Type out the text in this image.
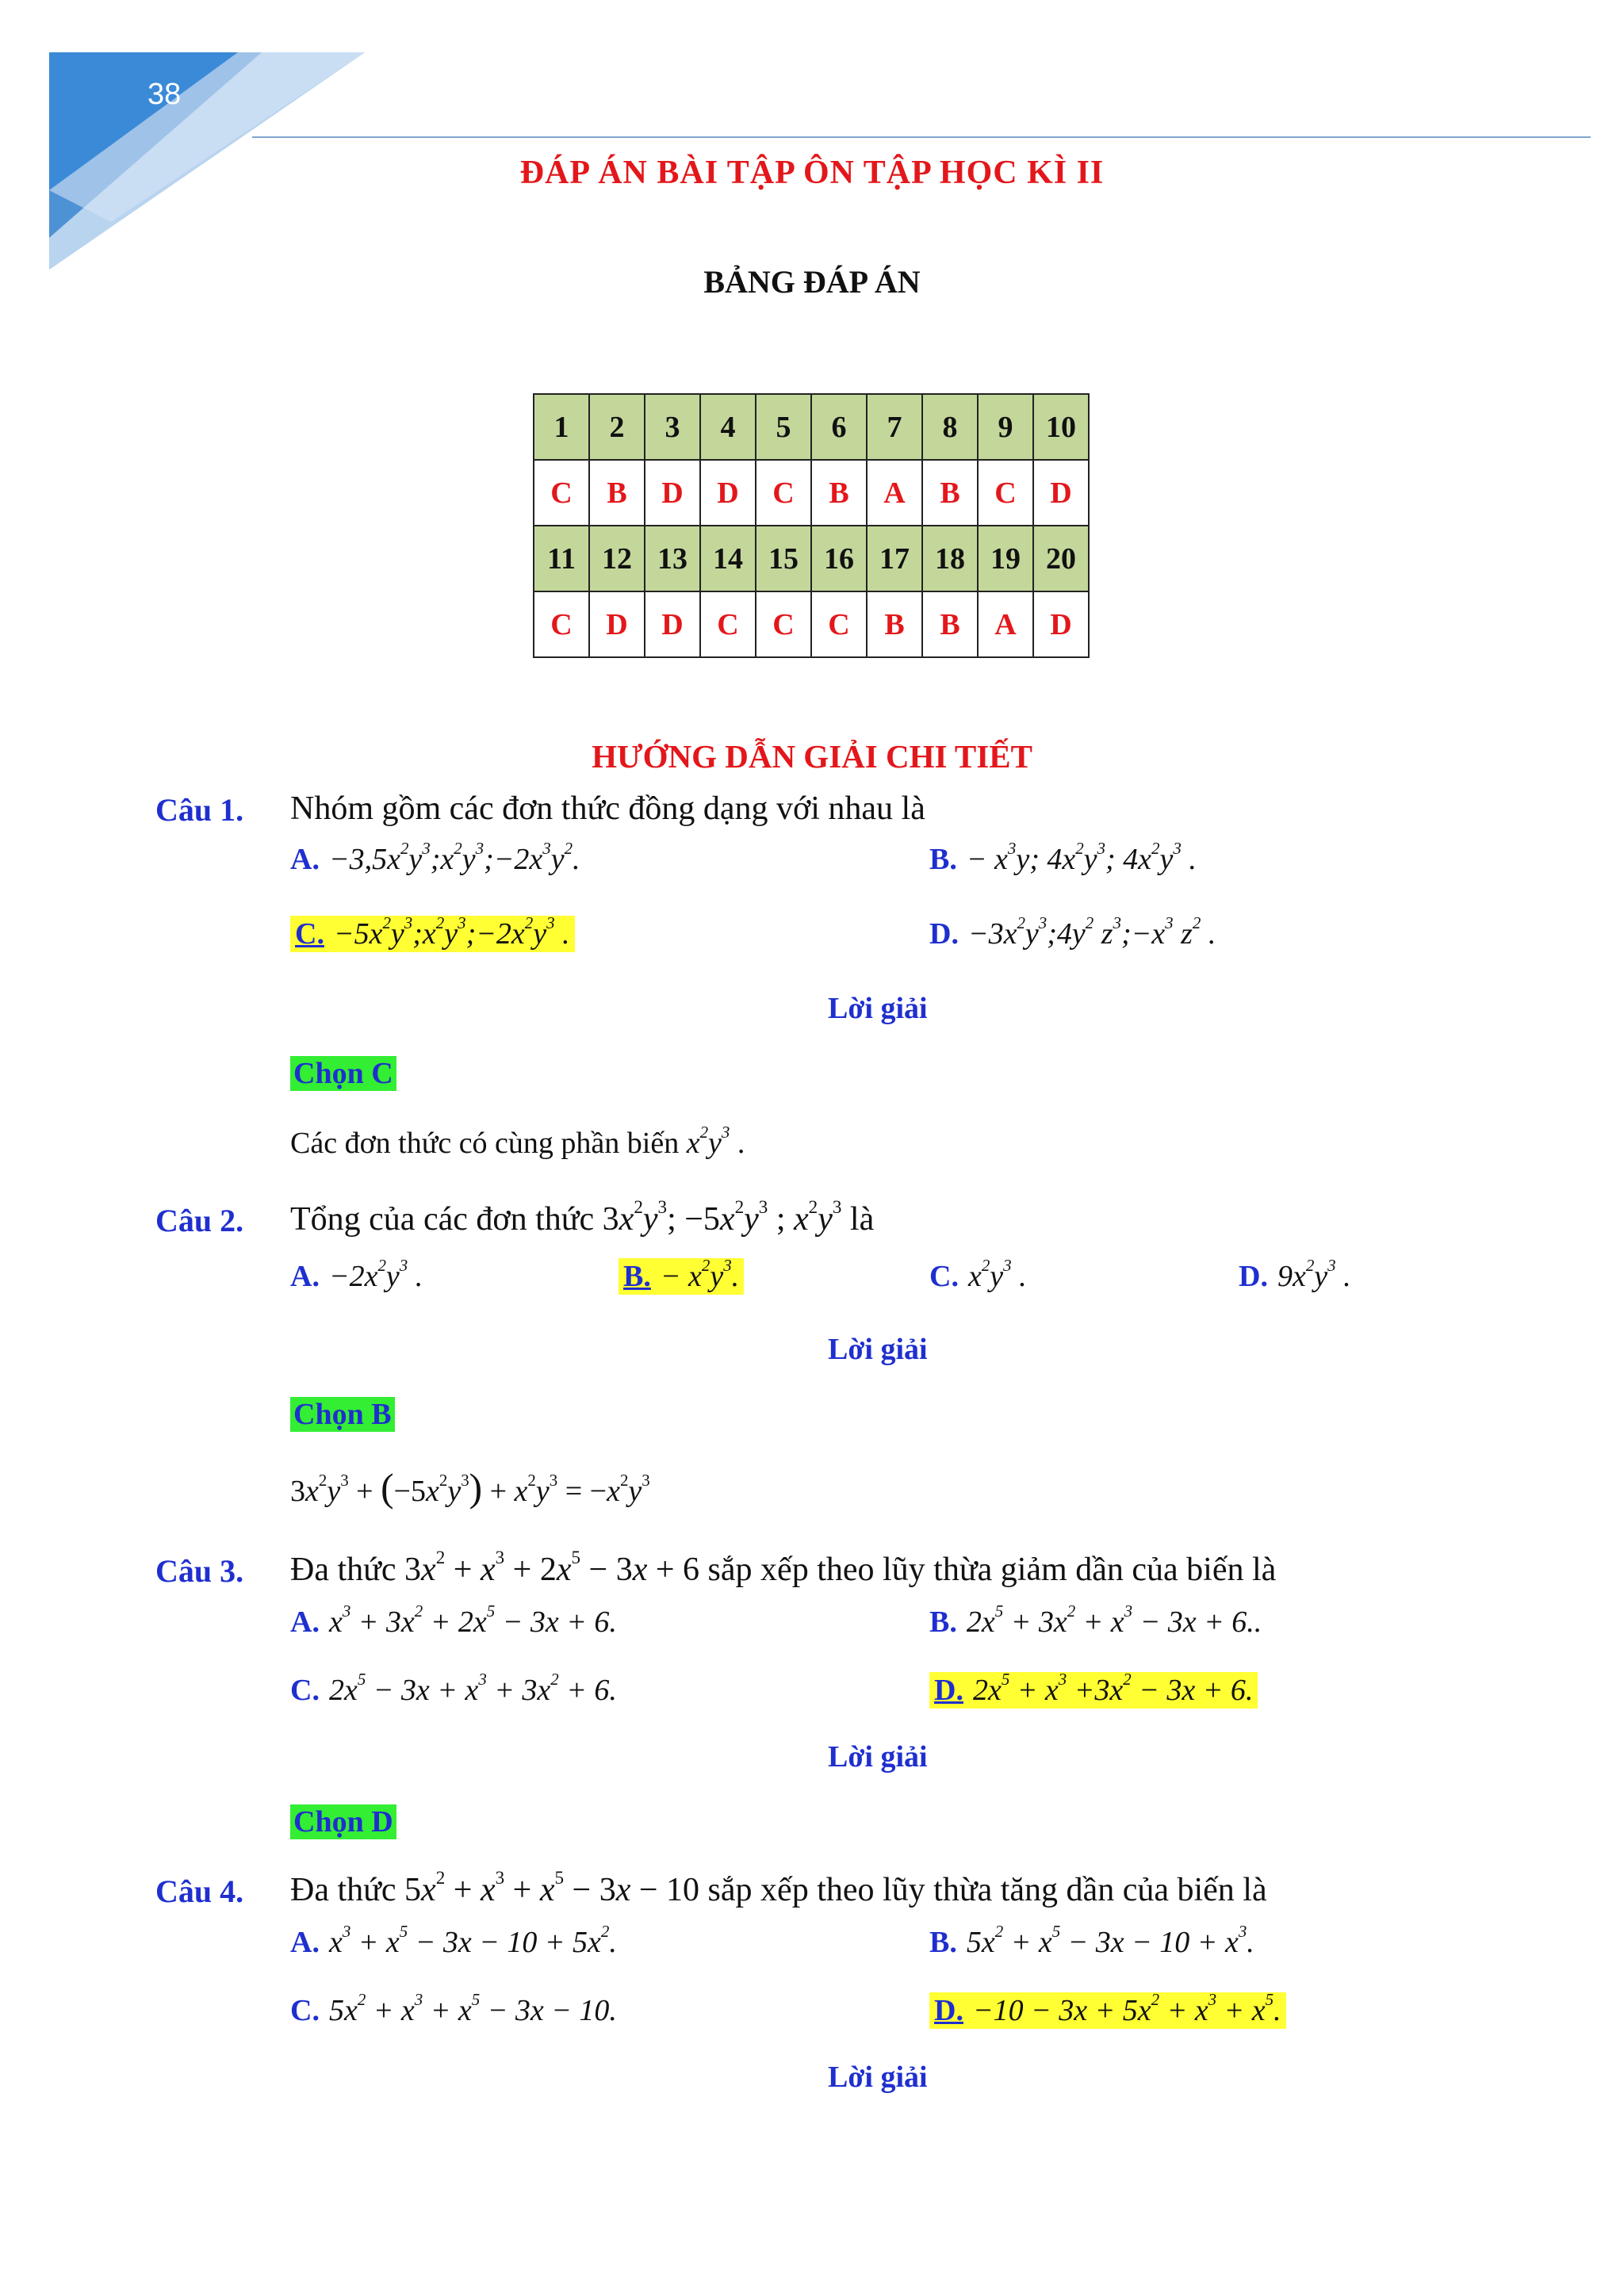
38
ĐÁP ÁN BÀI TẬP ÔN TẬP HỌC KÌ II
BẢNG ĐÁP ÁN
1	2	3	4	5	6	7	8	9	10
C	B	D	D	C	B	A	B	C	D
11	12	13	14	15	16	17	18	19	20
C	D	D	C	C	C	B	B	A	D
HƯỚNG DẪN GIẢI CHI TIẾT
Câu 1. Nhóm gồm các đơn thức đồng dạng với nhau là
A. $-3,5x^2y^3;x^2y^3;-2x^3y^2$.	B. − $x^3y$; $4x^2y^3$; $4x^2y^3$ .
C. $-5x^2y^3;x^2y^3;-2x^2y^3$ .	D. $-3x^2y^3;4y^2$ $z^3;-x^3$ $z^2$ .
Lời giải
Chọn C
Các đơn thức có cùng phần biến $x^2y^3$ .
Câu 2. Tổng của các đơn thức $3x^2y^3$; $-5x^2y^3$ ; $x^2y^3$ là
A. $-2x^2y^3$ .	B. − $x^2y^3$.	C. $x^2y^3$ .	D. $9x^2y^3$ .
Lời giải
Chọn B
$3x^2y^3 + (-5x^2y^3) + x^2y^3 = -x^2y^3$
Câu 3. Đa thức $3x^2 + x^3 + 2x^5 - 3x + 6$ sắp xếp theo lũy thừa giảm dần của biến là
A. $x^3 + 3x^2 + 2x^5 - 3x + 6$.	B. $2x^5 + 3x^2 + x^3 - 3x + 6$..
C. $2x^5 - 3x + x^3 + 3x^2 + 6$.	D. $2x^5 + x^3 +3x^2 - 3x + 6$.
Lời giải
Chọn D
Câu 4. Đa thức $5x^2 + x^3 + x^5 - 3x - 10$ sắp xếp theo lũy thừa tăng dần của biến là
A. $x^3 + x^5 - 3x - 10 + 5x^2$.	B. $5x^2 + x^5 - 3x - 10 + x^3$.
C. $5x^2 + x^3 + x^5 - 3x - 10$.	D. $-10 - 3x + 5x^2 + x^3 + x^5$.
Lời giải
